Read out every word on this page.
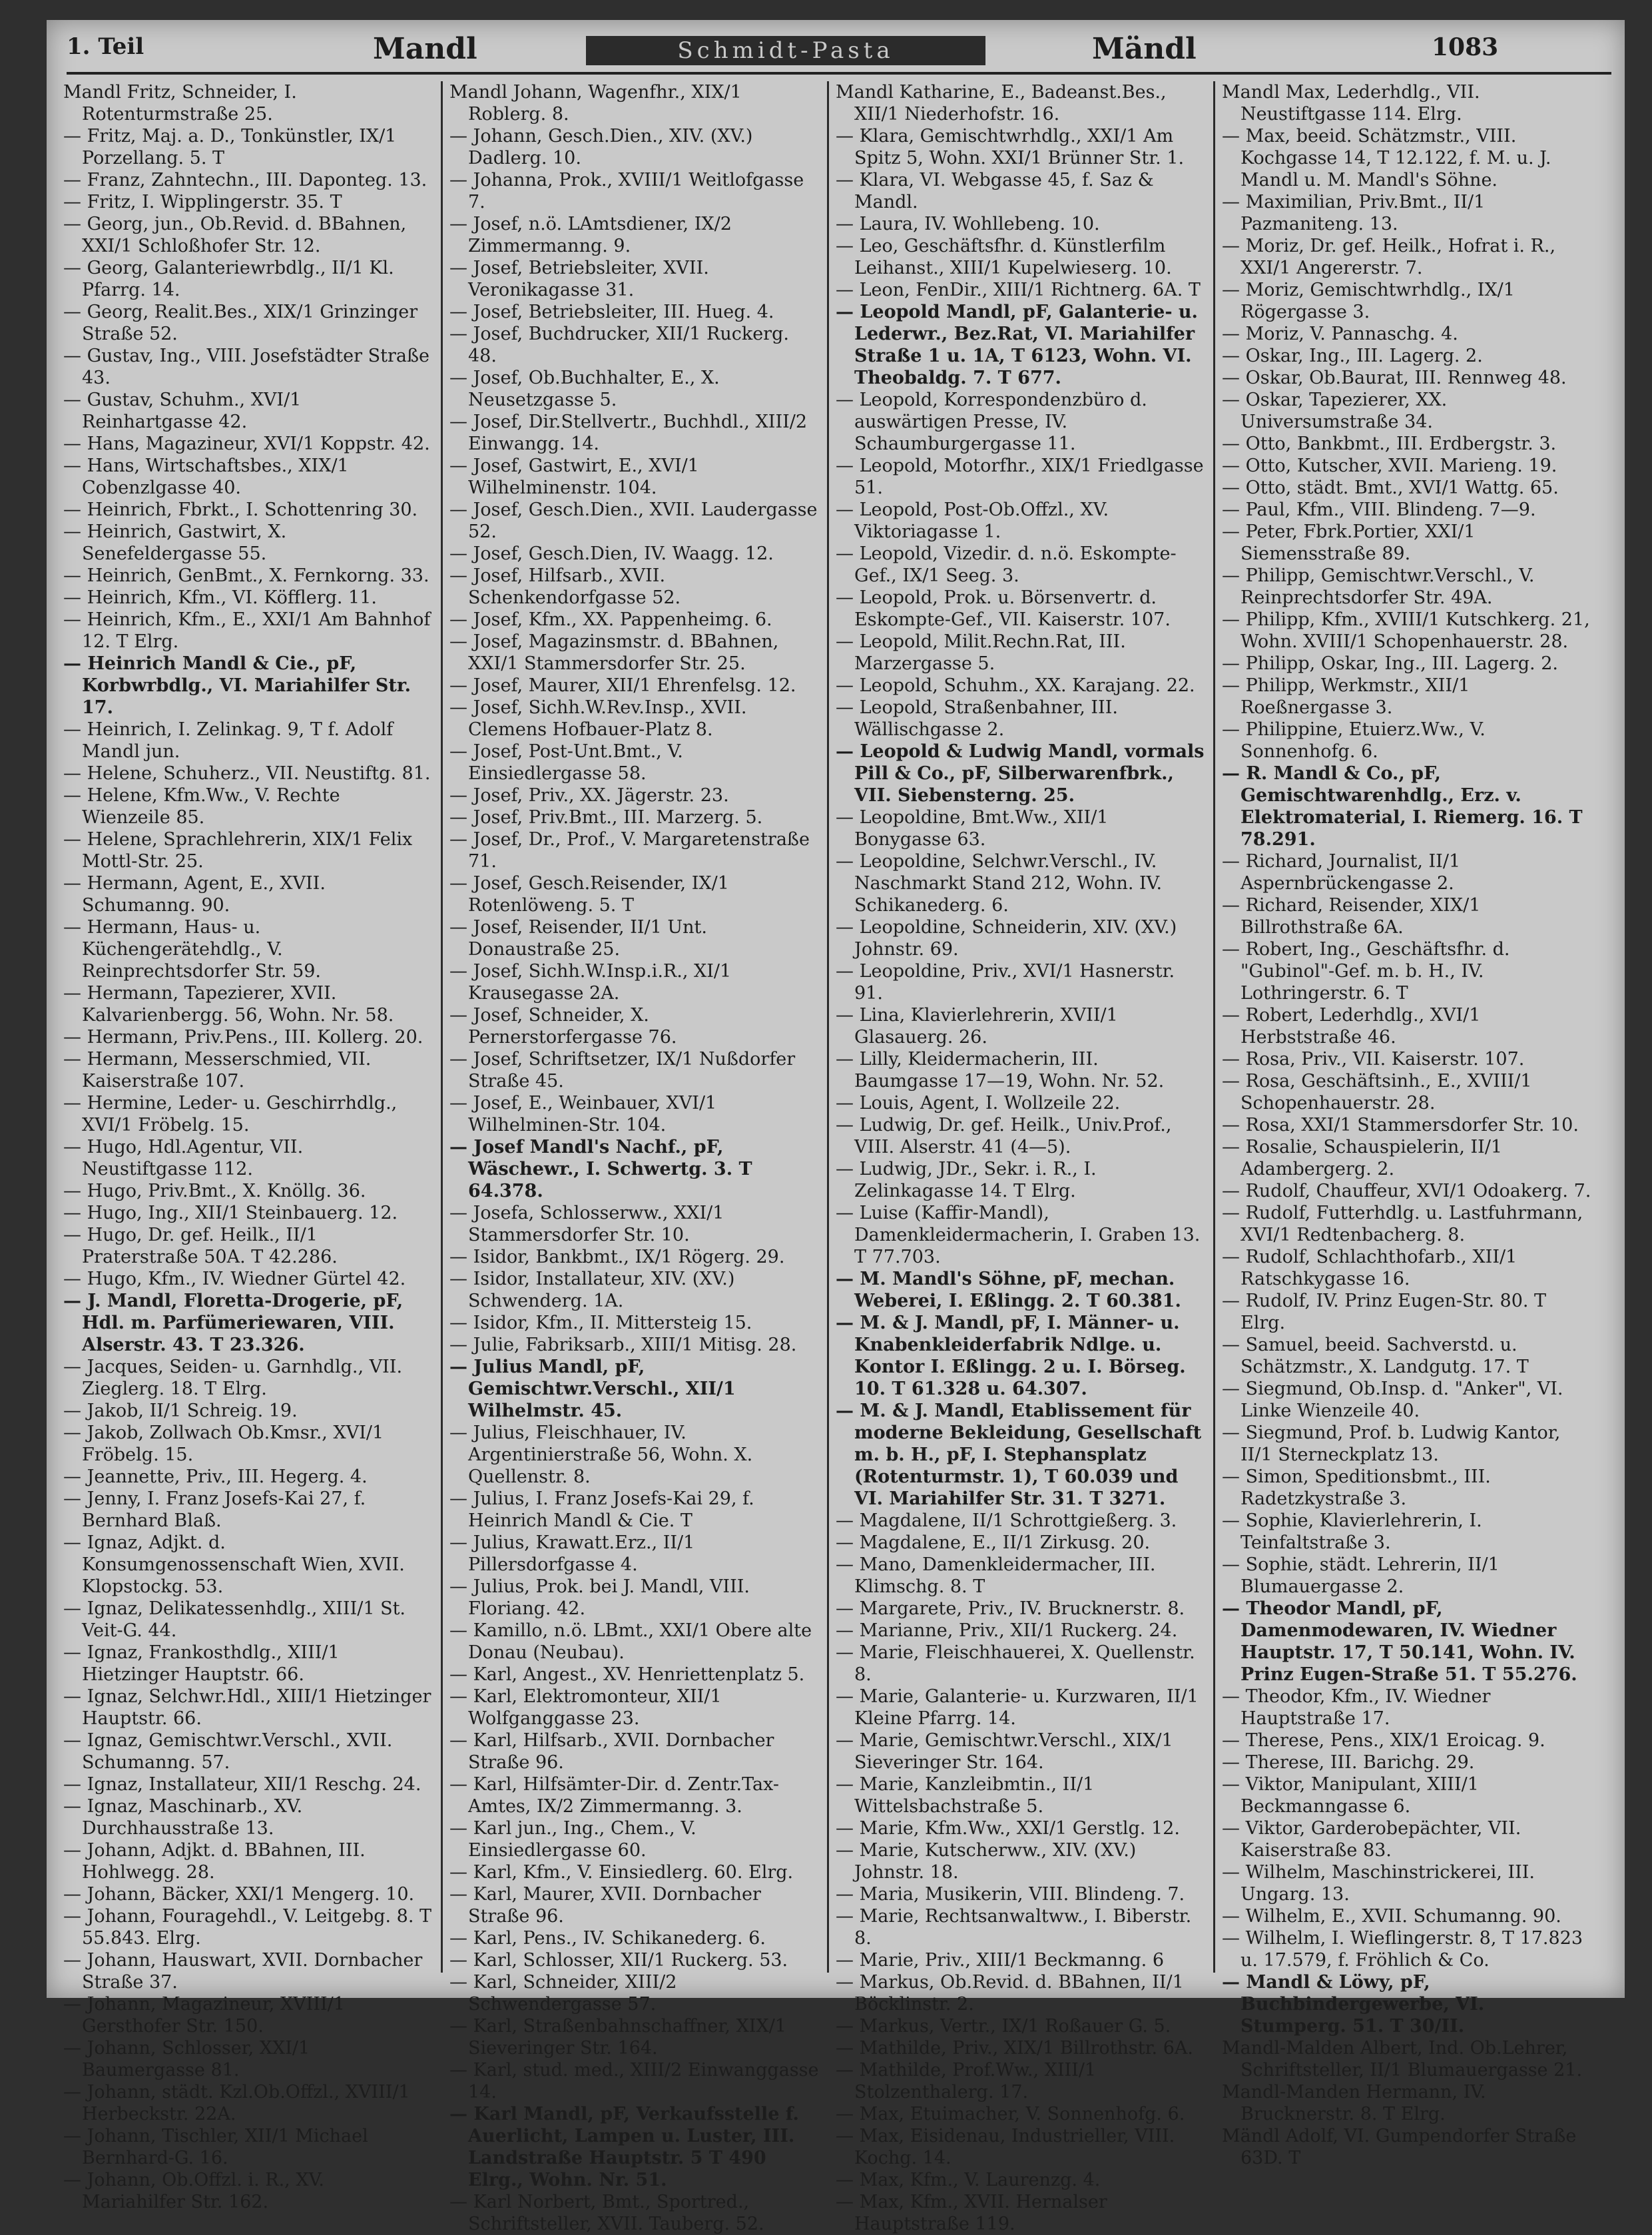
1. Teil	Mandl	Schmidt-Pasta	Mändl	1083

Mandl Fritz, Schneider, I. Rotenturmstraße 25.

— Fritz, Maj. a. D., Tonkünstler, IX/1 Porzellang. 5. T

— Franz, Zahntechn., III. Daponteg. 13.

— Fritz, I. Wipplingerstr. 35. T

— Georg, jun., Ob.Revid. d. BBahnen, XXI/1 Schloßhofer Str. 12.

— Georg, Galanteriewrbdlg., II/1 Kl. Pfarrg. 14.

— Georg, Realit.Bes., XIX/1 Grinzinger Straße 52.

— Gustav, Ing., VIII. Josefstädter Straße 43.

— Gustav, Schuhm., XVI/1 Reinhartgasse 42.

— Hans, Magazineur, XVI/1 Koppstr. 42.

— Hans, Wirtschaftsbes., XIX/1 Cobenzlgasse 40.

— Heinrich, Fbrkt., I. Schottenring 30.

— Heinrich, Gastwirt, X. Senefeldergasse 55.

— Heinrich, GenBmt., X. Fernkorng. 33.

— Heinrich, Kfm., VI. Köfflerg. 11.

— Heinrich, Kfm., E., XXI/1 Am Bahnhof 12. T Elrg.

— Heinrich Mandl & Cie., pF, Korbwrbdlg., VI. Mariahilfer Str. 17.

— Heinrich, I. Zelinkag. 9, T f. Adolf Mandl jun.

— Helene, Schuherz., VII. Neustiftg. 81.

— Helene, Kfm.Ww., V. Rechte Wienzeile 85.

— Helene, Sprachlehrerin, XIX/1 Felix Mottl-Str. 25.

— Hermann, Agent, E., XVII. Schumanng. 90.

— Hermann, Haus- u. Küchengerätehdlg., V. Reinprechtsdorfer Str. 59.

— Hermann, Tapezierer, XVII. Kalvarienbergg. 56, Wohn. Nr. 58.

— Hermann, Priv.Pens., III. Kollerg. 20.

— Hermann, Messerschmied, VII. Kaiserstraße 107.

— Hermine, Leder- u. Geschirrhdlg., XVI/1 Fröbelg. 15.

— Hugo, Hdl.Agentur, VII. Neustiftgasse 112.

— Hugo, Priv.Bmt., X. Knöllg. 36.

— Hugo, Ing., XII/1 Steinbauerg. 12.

— Hugo, Dr. gef. Heilk., II/1 Praterstraße 50A. T 42.286.

— Hugo, Kfm., IV. Wiedner Gürtel 42.

— J. Mandl, Floretta-Drogerie, pF, Hdl. m. Parfümeriewaren, VIII. Alserstr. 43. T 23.326.

— Jacques, Seiden- u. Garnhdlg., VII. Zieglerg. 18. T Elrg.

— Jakob, II/1 Schreig. 19.

— Jakob, Zollwach Ob.Kmsr., XVI/1 Fröbelg. 15.

— Jeannette, Priv., III. Hegerg. 4.

— Jenny, I. Franz Josefs-Kai 27, f. Bernhard Blaß.

— Ignaz, Adjkt. d. Konsumgenossenschaft Wien, XVII. Klopstockg. 53.

— Ignaz, Delikatessenhdlg., XIII/1 St. Veit-G. 44.

— Ignaz, Frankosthdlg., XIII/1 Hietzinger Hauptstr. 66.

— Ignaz, Selchwr.Hdl., XIII/1 Hietzinger Hauptstr. 66.

— Ignaz, Gemischtwr.Verschl., XVII. Schumanng. 57.

— Ignaz, Installateur, XII/1 Reschg. 24.

— Ignaz, Maschinarb., XV. Durchhausstraße 13.

— Johann, Adjkt. d. BBahnen, III. Hohlwegg. 28.

— Johann, Bäcker, XXI/1 Mengerg. 10.

— Johann, Fouragehdl., V. Leitgebg. 8. T 55.843. Elrg.

— Johann, Hauswart, XVII. Dornbacher Straße 37.

— Johann, Magazineur, XVIII/1 Gersthofer Str. 150.

— Johann, Schlosser, XXI/1 Baumergasse 81.

— Johann, städt. Kzl.Ob.Offzl., XVIII/1 Herbeckstr. 22A.

— Johann, Tischler, XII/1 Michael Bernhard-G. 16.

— Johann, Ob.Offzl. i. R., XV. Mariahilfer Str. 162.

Mandl Johann, Wagenfhr., XIX/1 Roblerg. 8.

— Johann, Gesch.Dien., XIV. (XV.) Dadlerg. 10.

— Johanna, Prok., XVIII/1 Weitlofgasse 7.

— Josef, n.ö. LAmtsdiener, IX/2 Zimmermanng. 9.

— Josef, Betriebsleiter, XVII. Veronikagasse 31.

— Josef, Betriebsleiter, III. Hueg. 4.

— Josef, Buchdrucker, XII/1 Ruckerg. 48.

— Josef, Ob.Buchhalter, E., X. Neusetzgasse 5.

— Josef, Dir.Stellvertr., Buchhdl., XIII/2 Einwangg. 14.

— Josef, Gastwirt, E., XVI/1 Wilhelminenstr. 104.

— Josef, Gesch.Dien., XVII. Laudergasse 52.

— Josef, Gesch.Dien, IV. Waagg. 12.

— Josef, Hilfsarb., XVII. Schenkendorfgasse 52.

— Josef, Kfm., XX. Pappenheimg. 6.

— Josef, Magazinsmstr. d. BBahnen, XXI/1 Stammersdorfer Str. 25.

— Josef, Maurer, XII/1 Ehrenfelsg. 12.

— Josef, Sichh.W.Rev.Insp., XVII. Clemens Hofbauer-Platz 8.

— Josef, Post-Unt.Bmt., V. Einsiedlergasse 58.

— Josef, Priv., XX. Jägerstr. 23.

— Josef, Priv.Bmt., III. Marzerg. 5.

— Josef, Dr., Prof., V. Margaretenstraße 71.

— Josef, Gesch.Reisender, IX/1 Rotenlöweng. 5. T

— Josef, Reisender, II/1 Unt. Donaustraße 25.

— Josef, Sichh.W.Insp.i.R., XI/1 Krausegasse 2A.

— Josef, Schneider, X. Pernerstorfergasse 76.

— Josef, Schriftsetzer, IX/1 Nußdorfer Straße 45.

— Josef, E., Weinbauer, XVI/1 Wilhelminen-Str. 104.

— Josef Mandl's Nachf., pF, Wäschewr., I. Schwertg. 3. T 64.378.

— Josefa, Schlosserww., XXI/1 Stammersdorfer Str. 10.

— Isidor, Bankbmt., IX/1 Rögerg. 29.

— Isidor, Installateur, XIV. (XV.) Schwenderg. 1A.

— Isidor, Kfm., II. Mittersteig 15.

— Julie, Fabriksarb., XIII/1 Mitisg. 28.

— Julius Mandl, pF, Gemischtwr.Verschl., XII/1 Wilhelmstr. 45.

— Julius, Fleischhauer, IV. Argentinierstraße 56, Wohn. X. Quellenstr. 8.

— Julius, I. Franz Josefs-Kai 29, f. Heinrich Mandl & Cie. T

— Julius, Krawatt.Erz., II/1 Pillersdorfgasse 4.

— Julius, Prok. bei J. Mandl, VIII. Floriang. 42.

— Kamillo, n.ö. LBmt., XXI/1 Obere alte Donau (Neubau).

— Karl, Angest., XV. Henriettenplatz 5.

— Karl, Elektromonteur, XII/1 Wolfganggasse 23.

— Karl, Hilfsarb., XVII. Dornbacher Straße 96.

— Karl, Hilfsämter-Dir. d. Zentr.Tax-Amtes, IX/2 Zimmermanng. 3.

— Karl jun., Ing., Chem., V. Einsiedlergasse 60.

— Karl, Kfm., V. Einsiedlerg. 60. Elrg.

— Karl, Maurer, XVII. Dornbacher Straße 96.

— Karl, Pens., IV. Schikanederg. 6.

— Karl, Schlosser, XII/1 Ruckerg. 53.

— Karl, Schneider, XIII/2 Schwendergasse 57.

— Karl, Straßenbahnschaffner, XIX/1 Sieveringer Str. 164.

— Karl, stud. med., XIII/2 Einwanggasse 14.

— Karl Mandl, pF, Verkaufsstelle f. Auerlicht, Lampen u. Luster, III. Landstraße Hauptstr. 5 T 490 Elrg., Wohn. Nr. 51.

— Karl Norbert, Bmt., Sportred., Schriftsteller, XVII. Tauberg. 52.

Mandl Katharine, E., Badeanst.Bes., XII/1 Niederhofstr. 16.

— Klara, Gemischtwrhdlg., XXI/1 Am Spitz 5, Wohn. XXI/1 Brünner Str. 1.

— Klara, VI. Webgasse 45, f. Saz & Mandl.

— Laura, IV. Wohllebeng. 10.

— Leo, Geschäftsfhr. d. Künstlerfilm Leihanst., XIII/1 Kupelwieserg. 10.

— Leon, FenDir., XIII/1 Richtnerg. 6A. T

— Leopold Mandl, pF, Galanterie- u. Lederwr., Bez.Rat, VI. Mariahilfer Straße 1 u. 1A, T 6123, Wohn. VI. Theobaldg. 7. T 677.

— Leopold, Korrespondenzbüro d. auswärtigen Presse, IV. Schaumburgergasse 11.

— Leopold, Motorfhr., XIX/1 Friedlgasse 51.

— Leopold, Post-Ob.Offzl., XV. Viktoriagasse 1.

— Leopold, Vizedir. d. n.ö. Eskompte-Gef., IX/1 Seeg. 3.

— Leopold, Prok. u. Börsenvertr. d. Eskompte-Gef., VII. Kaiserstr. 107.

— Leopold, Milit.Rechn.Rat, III. Marzergasse 5.

— Leopold, Schuhm., XX. Karajang. 22.

— Leopold, Straßenbahner, III. Wällischgasse 2.

— Leopold & Ludwig Mandl, vormals Pill & Co., pF, Silberwarenfbrk., VII. Siebensterng. 25.

— Leopoldine, Bmt.Ww., XII/1 Bonygasse 63.

— Leopoldine, Selchwr.Verschl., IV. Naschmarkt Stand 212, Wohn. IV. Schikanederg. 6.

— Leopoldine, Schneiderin, XIV. (XV.) Johnstr. 69.

— Leopoldine, Priv., XVI/1 Hasnerstr. 91.

— Lina, Klavierlehrerin, XVII/1 Glasauerg. 26.

— Lilly, Kleidermacherin, III. Baumgasse 17—19, Wohn. Nr. 52.

— Louis, Agent, I. Wollzeile 22.

— Ludwig, Dr. gef. Heilk., Univ.Prof., VIII. Alserstr. 41 (4—5).

— Ludwig, JDr., Sekr. i. R., I. Zelinkagasse 14. T Elrg.

— Luise (Kaffir-Mandl), Damenkleidermacherin, I. Graben 13. T 77.703.

— M. Mandl's Söhne, pF, mechan. Weberei, I. Eßlingg. 2. T 60.381.

— M. & J. Mandl, pF, I. Männer- u. Knabenkleiderfabrik Ndlge. u. Kontor I. Eßlingg. 2 u. I. Börseg. 10. T 61.328 u. 64.307.

— M. & J. Mandl, Etablissement für moderne Bekleidung, Gesellschaft m. b. H., pF, I. Stephansplatz (Rotenturmstr. 1), T 60.039 und VI. Mariahilfer Str. 31. T 3271.

— Magdalene, II/1 Schrottgießerg. 3.

— Magdalene, E., II/1 Zirkusg. 20.

— Mano, Damenkleidermacher, III. Klimschg. 8. T

— Margarete, Priv., IV. Brucknerstr. 8.

— Marianne, Priv., XII/1 Ruckerg. 24.

— Marie, Fleischhauerei, X. Quellenstr. 8.

— Marie, Galanterie- u. Kurzwaren, II/1 Kleine Pfarrg. 14.

— Marie, Gemischtwr.Verschl., XIX/1 Sieveringer Str. 164.

— Marie, Kanzleibmtin., II/1 Wittelsbachstraße 5.

— Marie, Kfm.Ww., XXI/1 Gerstlg. 12.

— Marie, Kutscherww., XIV. (XV.) Johnstr. 18.

— Maria, Musikerin, VIII. Blindeng. 7.

— Marie, Rechtsanwaltww., I. Biberstr. 8.

— Marie, Priv., XIII/1 Beckmanng. 6

— Markus, Ob.Revid. d. BBahnen, II/1 Böcklinstr. 2.

— Markus, Vertr., IX/1 Roßauer G. 5.

— Mathilde, Priv., XIX/1 Billrothstr. 6A.

— Mathilde, Prof.Ww., XIII/1 Stolzenthalerg. 17.

— Max, Etuimacher, V. Sonnenhofg. 6.

— Max, Eisidenau, Industrieller, VIII. Kochg. 14.

— Max, Kfm., V. Laurenzg. 4.

— Max, Kfm., XVII. Hernalser Hauptstraße 119.

Mandl Max, Lederhdlg., VII. Neustiftgasse 114. Elrg.

— Max, beeid. Schätzmstr., VIII. Kochgasse 14, T 12.122, f. M. u. J. Mandl u. M. Mandl's Söhne.

— Maximilian, Priv.Bmt., II/1 Pazmaniteng. 13.

— Moriz, Dr. gef. Heilk., Hofrat i. R., XXI/1 Angererstr. 7.

— Moriz, Gemischtwrhdlg., IX/1 Rögergasse 3.

— Moriz, V. Pannaschg. 4.

— Oskar, Ing., III. Lagerg. 2.

— Oskar, Ob.Baurat, III. Rennweg 48.

— Oskar, Tapezierer, XX. Universumstraße 34.

— Otto, Bankbmt., III. Erdbergstr. 3.

— Otto, Kutscher, XVII. Marieng. 19.

— Otto, städt. Bmt., XVI/1 Wattg. 65.

— Paul, Kfm., VIII. Blindeng. 7—9.

— Peter, Fbrk.Portier, XXI/1 Siemensstraße 89.

— Philipp, Gemischtwr.Verschl., V. Reinprechtsdorfer Str. 49A.

— Philipp, Kfm., XVIII/1 Kutschkerg. 21, Wohn. XVIII/1 Schopenhauerstr. 28.

— Philipp, Oskar, Ing., III. Lagerg. 2.

— Philipp, Werkmstr., XII/1 Roeßnergasse 3.

— Philippine, Etuierz.Ww., V. Sonnenhofg. 6.

— R. Mandl & Co., pF, Gemischtwarenhdlg., Erz. v. Elektromaterial, I. Riemerg. 16. T 78.291.

— Richard, Journalist, II/1 Aspernbrückengasse 2.

— Richard, Reisender, XIX/1 Billrothstraße 6A.

— Robert, Ing., Geschäftsfhr. d. "Gubinol"-Gef. m. b. H., IV. Lothringerstr. 6. T

— Robert, Lederhdlg., XVI/1 Herbststraße 46.

— Rosa, Priv., VII. Kaiserstr. 107.

— Rosa, Geschäftsinh., E., XVIII/1 Schopenhauerstr. 28.

— Rosa, XXI/1 Stammersdorfer Str. 10.

— Rosalie, Schauspielerin, II/1 Adambergerg. 2.

— Rudolf, Chauffeur, XVI/1 Odoakerg. 7.

— Rudolf, Futterhdlg. u. Lastfuhrmann, XVI/1 Redtenbacherg. 8.

— Rudolf, Schlachthofarb., XII/1 Ratschkygasse 16.

— Rudolf, IV. Prinz Eugen-Str. 80. T Elrg.

— Samuel, beeid. Sachverstd. u. Schätzmstr., X. Landgutg. 17. T

— Siegmund, Ob.Insp. d. "Anker", VI. Linke Wienzeile 40.

— Siegmund, Prof. b. Ludwig Kantor, II/1 Sterneckplatz 13.

— Simon, Speditionsbmt., III. Radetzkystraße 3.

— Sophie, Klavierlehrerin, I. Teinfaltstraße 3.

— Sophie, städt. Lehrerin, II/1 Blumauergasse 2.

— Theodor Mandl, pF, Damenmodewaren, IV. Wiedner Hauptstr. 17, T 50.141, Wohn. IV. Prinz Eugen-Straße 51. T 55.276.

— Theodor, Kfm., IV. Wiedner Hauptstraße 17.

— Therese, Pens., XIX/1 Eroicag. 9.

— Therese, III. Barichg. 29.

— Viktor, Manipulant, XIII/1 Beckmanngasse 6.

— Viktor, Garderobepächter, VII. Kaiserstraße 83.

— Wilhelm, Maschinstrickerei, III. Ungarg. 13.

— Wilhelm, E., XVII. Schumanng. 90.

— Wilhelm, I. Wieflingerstr. 8, T 17.823 u. 17.579, f. Fröhlich & Co.

— Mandl & Löwy, pF, Buchbindergewerbe, VI. Stumperg. 51. T 30/II.

Mandl-Malden Albert, Ind. Ob.Lehrer, Schriftsteller, II/1 Blumauergasse 21.

Mandl-Manden Hermann, IV. Brucknerstr. 8. T Elrg.

Mändl Adolf, VI. Gumpendorfer Straße 63D. T
